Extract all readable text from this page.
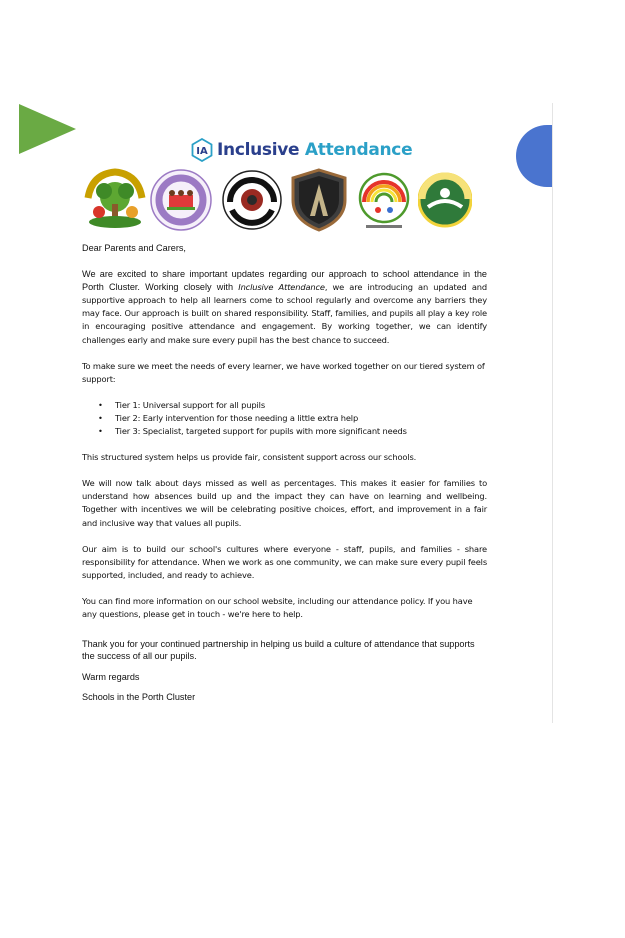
IA Inclusive Attendance

Dear Parents and Carers,

We are excited to share important updates regarding our approach to school attendance in the Porth Cluster. Working closely with Inclusive Attendance, we are introducing an updated and supportive approach to help all learners come to school regularly and overcome any barriers they may face. Our approach is built on shared responsibility. Staff, families, and pupils all play a key role in encouraging positive attendance and engagement. By working together, we can identify challenges early and make sure every pupil has the best chance to succeed.

To make sure we meet the needs of every learner, we have worked together on our tiered system of support:

• Tier 1: Universal support for all pupils
• Tier 2: Early intervention for those needing a little extra help
• Tier 3: Specialist, targeted support for pupils with more significant needs

This structured system helps us provide fair, consistent support across our schools.

We will now talk about days missed as well as percentages. This makes it easier for families to understand how absences build up and the impact they can have on learning and wellbeing. Together with incentives we will be celebrating positive choices, effort, and improvement in a fair and inclusive way that values all pupils.

Our aim is to build our school's cultures where everyone - staff, pupils, and families - share responsibility for attendance. When we work as one community, we can make sure every pupil feels supported, included, and ready to achieve.

You can find more information on our school website, including our attendance policy. If you have any questions, please get in touch - we're here to help.

Thank you for your continued partnership in helping us build a culture of attendance that supports the success of all our pupils.

Warm regards

Schools in the Porth Cluster
